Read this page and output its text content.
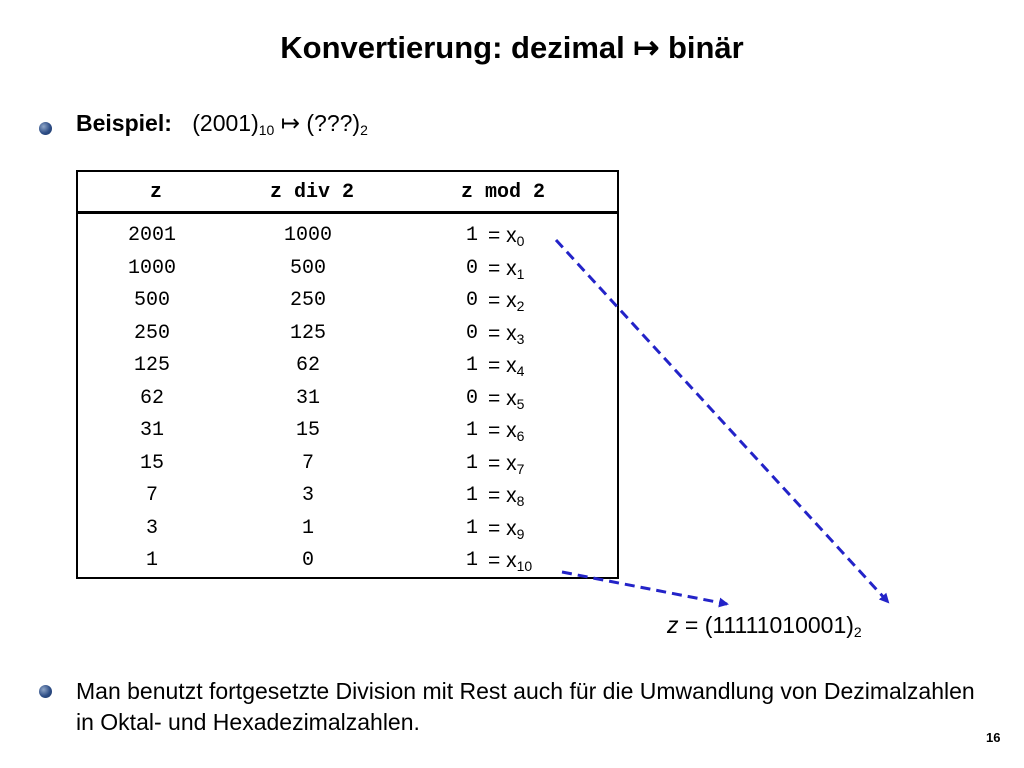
Konvertierung: dezimal ↦ binär
Beispiel: $(2001)_{10}$ ↦ $(???)_2$
z	z div 2	z mod 2
2001	1000	$1 = x_0$
1000	500	$0 = x_1$
500	250	$0 = x_2$
250	125	$0 = x_3$
125	62	$1 = x_4$
62	31	$0 = x_5$
31	15	$1 = x_6$
15	7	$1 = x_7$
7	3	$1 = x_8$
3	1	$1 = x_9$
1	0	$1 = x_{10}$
$z = (11111010001)_2$
Man benutzt fortgesetzte Division mit Rest auch für die Umwandlung von Dezimalzahlen in Oktal- und Hexadezimalzahlen.
16
